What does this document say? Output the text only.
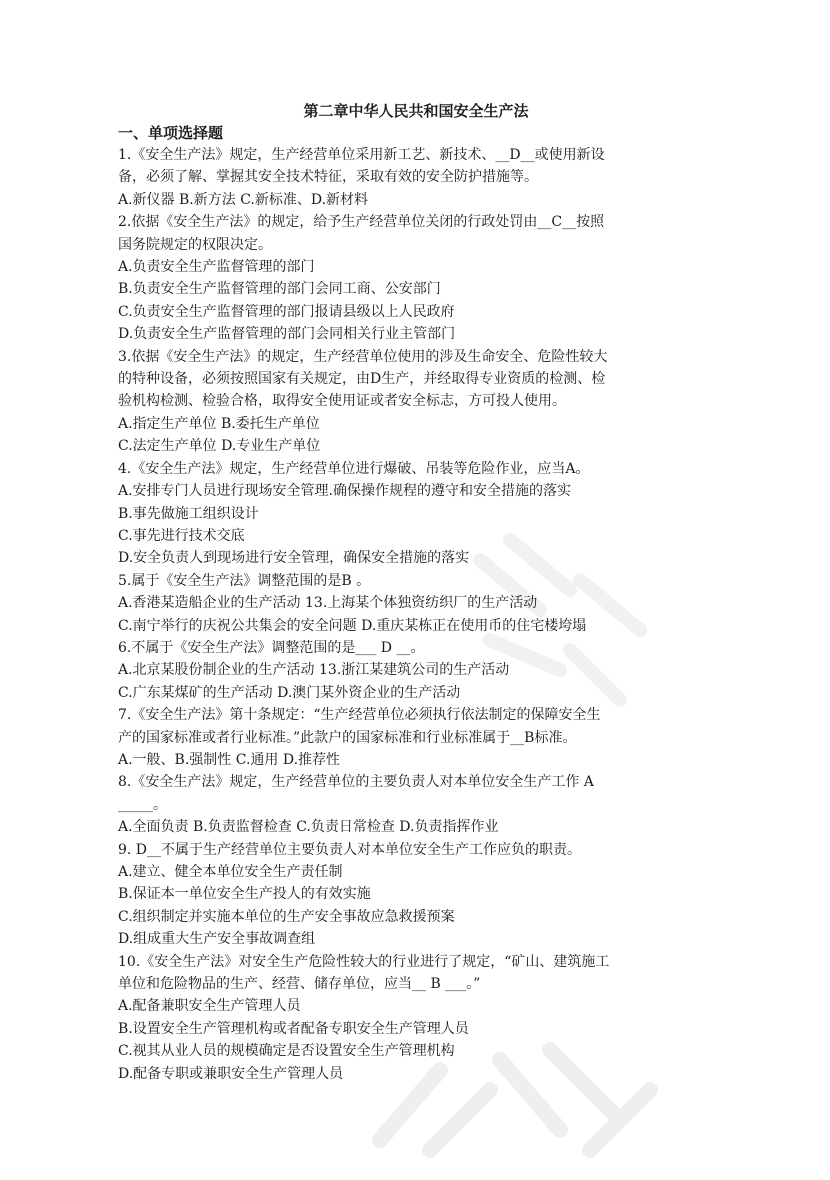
第二章中华人民共和国安全生产法
一、单项选择题
1.《安全生产法》规定，生产经营单位采用新工艺、新技术、__D__或使用新设
备，必须了解、掌握其安全技术特征，采取有效的安全防护措施等。
A.新仪器 B.新方法 C.新标准、D.新材料
2.依据《安全生产法》的规定，给予生产经营单位关闭的行政处罚由__C__按照
国务院规定的权限决定。
A.负责安全生产监督管理的部门
B.负责安全生产监督管理的部门会同工商、公安部门
C.负责安全生产监督管理的部门报请县级以上人民政府
D.负责安全生产监督管理的部门会同相关行业主管部门
3.依据《安全生产法》的规定，生产经营单位使用的涉及生命安全、危险性较大
的特种设备，必须按照国家有关规定，由D生产，并经取得专业资质的检测、检
验机构检测、检验合格，取得安全使用证或者安全标志，方可投人使用。
A.指定生产单位 B.委托生产单位
C.法定生产单位 D.专业生产单位
4.《安全生产法》规定，生产经营单位进行爆破、吊装等危险作业，应当A。
A.安排专门人员进行现场安全管理.确保操作规程的遵守和安全措施的落实
B.事先做施工组织设计
C.事先进行技术交底
D.安全负责人到现场进行安全管理，确保安全措施的落实
5.属于《安全生产法》调整范围的是B 。
A.香港某造船企业的生产活动 13.上海某个体独资纺织厂的生产活动
C.南宁举行的庆祝公共集会的安全问题 D.重庆某栋正在使用币的住宅楼垮塌
6.不属于《安全生产法》调整范围的是___ D __。
A.北京某股份制企业的生产活动 13.浙江某建筑公司的生产活动
C.广东某煤矿的生产活动 D.澳门某外资企业的生产活动
7.《安全生产法》第十条规定：“生产经营单位必须执行依法制定的保障安全生
产的国家标准或者行业标准。”此款户的国家标准和行业标准属于__B标准。
A.一般、B.强制性 C.通用 D.推荐性
8.《安全生产法》规定，生产经营单位的主要负责人对本单位安全生产工作 A
_____。
A.全面负责 B.负责监督检查 C.负责日常检查 D.负责指挥作业
9. D__不属于生产经营单位主要负责人对本单位安全生产工作应负的职责。
A.建立、健全本单位安全生产责任制
B.保证本一单位安全生产投人的有效实施
C.组织制定并实施本单位的生产安全事故应急救援预案
D.组成重大生产安全事故调查组
10.《安全生产法》对安全生产危险性较大的行业进行了规定，“矿山、建筑施工
单位和危险物品的生产、经营、储存单位，应当__ B ___。”
A.配备兼职安全生产管理人员
B.设置安全生产管理机构或者配备专职安全生产管理人员
C.视其从业人员的规模确定是否设置安全生产管理机构
D.配备专职或兼职安全生产管理人员
